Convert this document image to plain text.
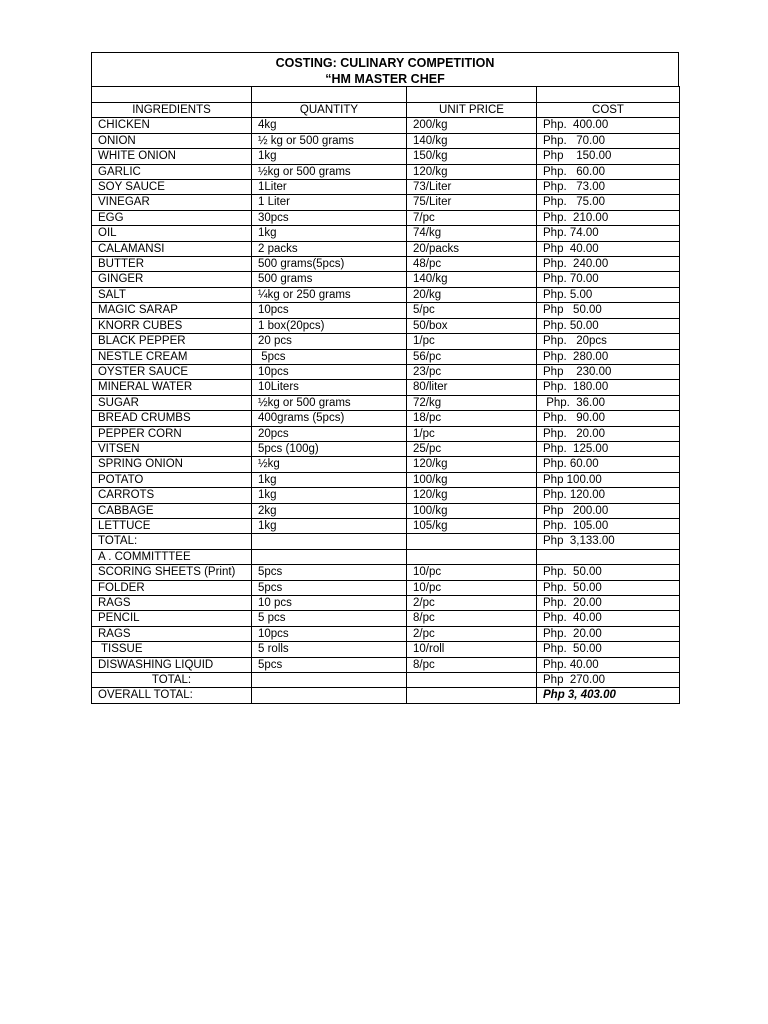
COSTING: CULINARY COMPETITION
“HM MASTER CHEF

INGREDIENTS	QUANTITY	UNIT PRICE	COST
CHICKEN	4kg	200/kg	Php.  400.00
ONION	½ kg or 500 grams	140/kg	Php.   70.00
WHITE ONION	1kg	150/kg	Php    150.00
GARLIC	½kg or 500 grams	120/kg	Php.   60.00
SOY SAUCE	1Liter	73/Liter	Php.   73.00
VINEGAR	1 Liter	75/Liter	Php.   75.00
EGG	30pcs	7/pc	Php.  210.00
OIL	1kg	74/kg	Php. 74.00
CALAMANSI	2 packs	20/packs	Php  40.00
BUTTER	500 grams(5pcs)	48/pc	Php.  240.00
GINGER	500 grams	140/kg	Php. 70.00
SALT	¼kg or 250 grams	20/kg	Php. 5.00
MAGIC SARAP	10pcs	5/pc	Php   50.00
KNORR CUBES	1 box(20pcs)	50/box	Php. 50.00
BLACK PEPPER	20 pcs	1/pc	Php.   20pcs
NESTLE CREAM	5pcs	56/pc	Php.  280.00
OYSTER SAUCE	10pcs	23/pc	Php    230.00
MINERAL WATER	10Liters	80/liter	Php.  180.00
SUGAR	½kg or 500 grams	72/kg	Php.  36.00
BREAD CRUMBS	400grams (5pcs)	18/pc	Php.   90.00
PEPPER CORN	20pcs	1/pc	Php.   20.00
VITSEN	5pcs (100g)	25/pc	Php.  125.00
SPRING ONION	½kg	120/kg	Php. 60.00
POTATO	1kg	100/kg	Php 100.00
CARROTS	1kg	120/kg	Php. 120.00
CABBAGE	2kg	100/kg	Php   200.00
LETTUCE	1kg	105/kg	Php.  105.00
TOTAL:			Php  3,133.00
A . COMMITTTEE			
SCORING SHEETS (Print)	5pcs	10/pc	Php.  50.00
FOLDER	5pcs	10/pc	Php.  50.00
RAGS	10 pcs	2/pc	Php.  20.00
PENCIL	5 pcs	8/pc	Php.  40.00
RAGS	10pcs	2/pc	Php.  20.00
TISSUE	5 rolls	10/roll	Php.  50.00
DISWASHING LIQUID	5pcs	8/pc	Php. 40.00
TOTAL:			Php  270.00
OVERALL TOTAL:			Php 3, 403.00
